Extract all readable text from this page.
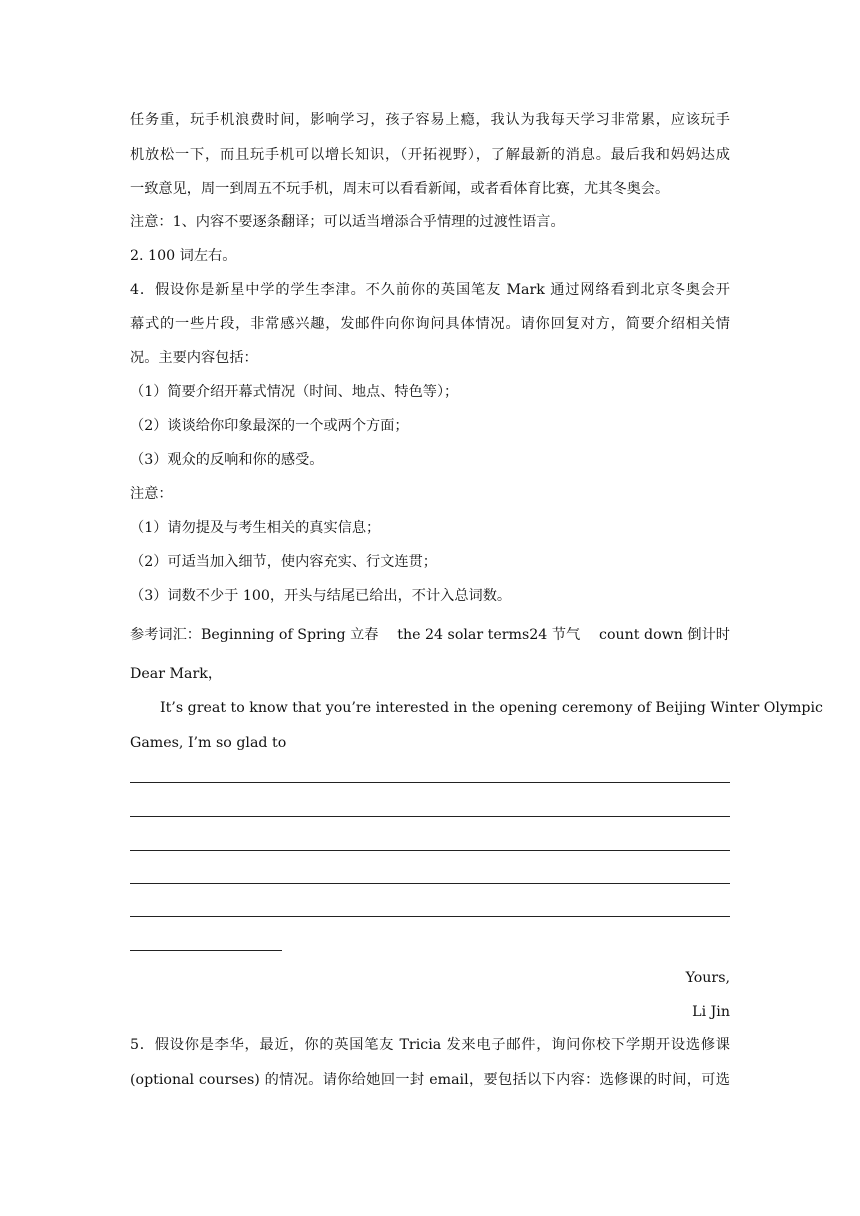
任务重，玩手机浪费时间，影响学习，孩子容易上瘾，我认为我每天学习非常累，应该玩手
机放松一下，而且玩手机可以增长知识，（开拓视野），了解最新的消息。最后我和妈妈达成
一致意见，周一到周五不玩手机，周末可以看看新闻，或者看体育比赛，尤其冬奥会。
注意：1、内容不要逐条翻译；可以适当增添合乎情理的过渡性语言。
2. 100 词左右。
4．假设你是新星中学的学生李津。不久前你的英国笔友 Mark 通过网络看到北京冬奥会开
幕式的一些片段，非常感兴趣，发邮件向你询问具体情况。请你回复对方，简要介绍相关情
况。主要内容包括：
（1）简要介绍开幕式情况（时间、地点、特色等）；
（2）谈谈给你印象最深的一个或两个方面；
（3）观众的反响和你的感受。
注意：
（1）请勿提及与考生相关的真实信息；
（2）可适当加入细节，使内容充实、行文连贯；
（3）词数不少于 100，开头与结尾已给出，不计入总词数。
参考词汇：Beginning of Spring 立春 the 24 solar terms24 节气 count down 倒计时
Dear Mark，
It’s great to know that you’re interested in the opening ceremony of Beijing Winter Olympic
Games, I’m so glad to
Yours,
Li Jin
5．假设你是李华，最近，你的英国笔友 Tricia 发来电子邮件，询问你校下学期开设选修课
(optional courses) 的情况。请你给她回一封 email，要包括以下内容：选修课的时间，可选
